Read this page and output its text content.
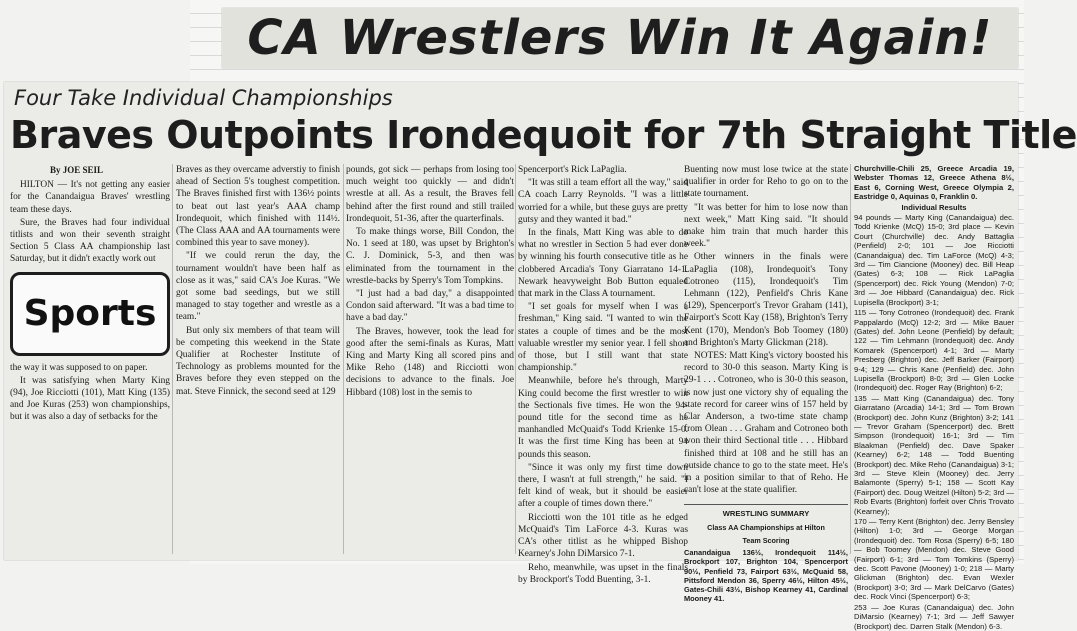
CA Wrestlers Win It Again!
Four Take Individual Championships
Braves Outpoints Irondequoit for 7th Straight Title
By JOE SEIL

HILTON — It's not getting any easier for the Canandaigua Braves' wrestling team these days.

Sure, the Braves had four individual titlists and won their seventh straight Section 5 Class AA championship last Saturday, but it didn't exactly work out

Sports

the way it was supposed to on paper.

It was satisfying when Marty King (94), Joe Ricciotti (101), Matt King (135) and Joe Kuras (253) won championships, but it was also a day of setbacks for the

Braves as they overcame adverstiy to finish ahead of Section 5's toughest competition. The Braves finished first with 136½ points to beat out last year's AAA champ Irondequoit, which finished with 114½. (The Class AAA and AA tournaments were combined this year to save money).

"If we could rerun the day, the tournament wouldn't have been half as close as it was," said CA's Joe Kuras. "We got some bad seedings, but we still managed to stay together and wrestle as a team."

But only six members of that team will be competing this weekend in the State Qualifier at Rochester Institute of Technology as problems mounted for the Braves before they even stepped on the mat. Steve Finnick, the second seed at 129

pounds, got sick — perhaps from losing too much weight too quickly — and didn't wrestle at all. As a result, the Braves fell behind after the first round and still trailed Irondequoit, 51-36, after the quarterfinals.

To make things worse, Bill Condon, the No. 1 seed at 180, was upset by Brighton's C. J. Dominick, 5-3, and then was eliminated from the tournament in the wrestle-backs by Sperry's Tom Tompkins.

"I just had a bad day," a disappointed Condon said afterward. "It was a bad time to have a bad day."

The Braves, however, took the lead for good after the semi-finals as Kuras, Matt King and Marty King all scored pins and Mike Reho (148) and Ricciotti won decisions to advance to the finals. Joe Hibbard (108) lost in the semis to

Spencerport's Rick LaPaglia.

"It was still a team effort all the way," said CA coach Larry Reynolds. "I was a little worried for a while, but these guys are pretty gutsy and they wanted it bad."

In the finals, Matt King was able to do what no wrestler in Section 5 had ever done by winning his fourth consecutive title as he clobbered Arcadia's Tony Giarratano 14-1. Newark heavyweight Bob Button equaled that mark in the Class A tournament.

"I set goals for myself when I was a freshman," King said. "I wanted to win the states a couple of times and be the most valuable wrestler my senior year. I fell short of those, but I still want that state championship."

Meanwhile, before he's through, Marty King could become the first wrestler to win the Sectionals five times. He won the 94-pound title for the second time as he manhandled McQuaid's Todd Krienke 15-0. It was the first time King has been at 94 pounds this season.

"Since it was only my first time down there, I wasn't at full strength," he said. "I felt kind of weak, but it should be easier after a couple of times down there."

Ricciotti won the 101 title as he edged McQuaid's Tim LaForce 4-3. Kuras was CA's other titlist as he whipped Bishop Kearney's John DiMarsico 7-1.

Reho, meanwhile, was upset in the finals by Brockport's Todd Buenting, 3-1.

Buenting now must lose twice at the state qualifier in order for Reho to go on to the state tournament.

"It was better for him to lose now than next week," Matt King said. "It should make him train that much harder this week."

Other winners in the finals were LaPaglia (108), Irondequoit's Tony Cotroneo (115), Irondequoit's Tim Lehmann (122), Penfield's Chris Kane (129), Spencerport's Trevor Graham (141), Fairport's Scott Kay (158), Brighton's Terry Kent (170), Mendon's Bob Toomey (180) and Brighton's Marty Glickman (218).

NOTES: Matt King's victory boosted his record to 30-0 this season. Marty King is 29-1 . . . Cotroneo, who is 30-0 this season, is now just one victory shy of equaling the state record for career wins of 157 held by Clar Anderson, a two-time state champ from Olean . . . Graham and Cotroneo both won their third Sectional title . . . Hibbard finished third at 108 and he still has an outside chance to go to the state meet. He's in a position similar to that of Reho. He can't lose at the state qualifier.

WRESTLING SUMMARY

Class AA Championships at Hilton

Team Scoring

Canandaigua 136½, Irondequoit 114½, Brockport 107, Brighton 104, Spencerport 90½, Penfield 73, Fairport 63½, McQuaid 58, Pittsford Mendon 36, Sperry 46½, Hilton 45½, Gates-Chili 43½, Bishop Kearney 41, Cardinal Mooney 41.

Churchville-Chili 25, Greece Arcadia 19, Webster Thomas 12, Greece Athena 8½, East 6, Corning West, Greece Olympia 2, Eastridge 0, Aquinas 0, Franklin 0.

Individual Results

94 pounds — Marty King (Canandaigua) dec. Todd Krienke (McQ) 15-0; 3rd place — Kevin Court (Churchville) dec. Andy Battaglia (Penfield) 2-0; 101 — Joe Ricciotti (Canandaigua) dec. Tim LaForce (McQ) 4-3; 3rd — Tim Ciancione (Mooney) dec. Bill Heap (Gates) 6-3; 108 — Rick LaPaglia (Spencerport) dec. Rick Young (Mendon) 7-0; 3rd — Joe Hibbard (Canandaigua) dec. Rick Lupisella (Brockport) 3-1;

115 — Tony Cotroneo (Irondequoit) dec. Frank Pappalardo (McQ) 12-2; 3rd — Mike Bauer (Gates) def. John Leone (Penfield) by default; 122 — Tim Lehmann (Irondequoit) dec. Andy Komarek (Spencerport) 4-1; 3rd — Marty Presberg (Brighton) dec. Jeff Barker (Fairport) 9-4; 129 — Chris Kane (Penfield) dec. John Lupisella (Brockport) 8-0; 3rd — Glen Locke (Irondequoit) dec. Roger Ray (Brighton) 6-2;

135 — Matt King (Canandaigua) dec. Tony Giarratano (Arcadia) 14-1; 3rd — Tom Brown (Brockport) dec. John Kunz (Brighton) 3-2; 141 — Trevor Graham (Spencerport) dec. Brett Simpson (Irondequoit) 16-1; 3rd — Tim Blaakman (Penfield) dec. Dave Spaker (Kearney) 6-2; 148 — Todd Buenting (Brockport) dec. Mike Reho (Canandaigua) 3-1; 3rd — Steve Klein (Mooney) dec. Jerry Balamonte (Sperry) 5-1; 158 — Scott Kay (Fairport) dec. Doug Weitzel (Hilton) 5-2; 3rd — Rob Evarts (Brighton) forfeit over Chris Trovato (Kearney);

170 — Terry Kent (Brighton) dec. Jerry Bensley (Hilton) 1-0; 3rd — George Morgan (Irondequoit) dec. Tom Rosa (Sperry) 6-5; 180 — Bob Toomey (Mendon) dec. Steve Good (Fairport) 6-1; 3rd — Tom Tomkins (Sperry) dec. Scott Pavone (Mooney) 1-0; 218 — Marty Glickman (Brighton) dec. Evan Wexler (Brockport) 3-0; 3rd — Mark DelCarvo (Gates) dec. Rock Vinci (Spencerport) 6-3;

253 — Joe Kuras (Canandaigua) dec. John DiMarsio (Kearney) 7-1; 3rd — Jeff Sawyer (Brockport) dec. Darren Stalk (Mendon) 6-3.
